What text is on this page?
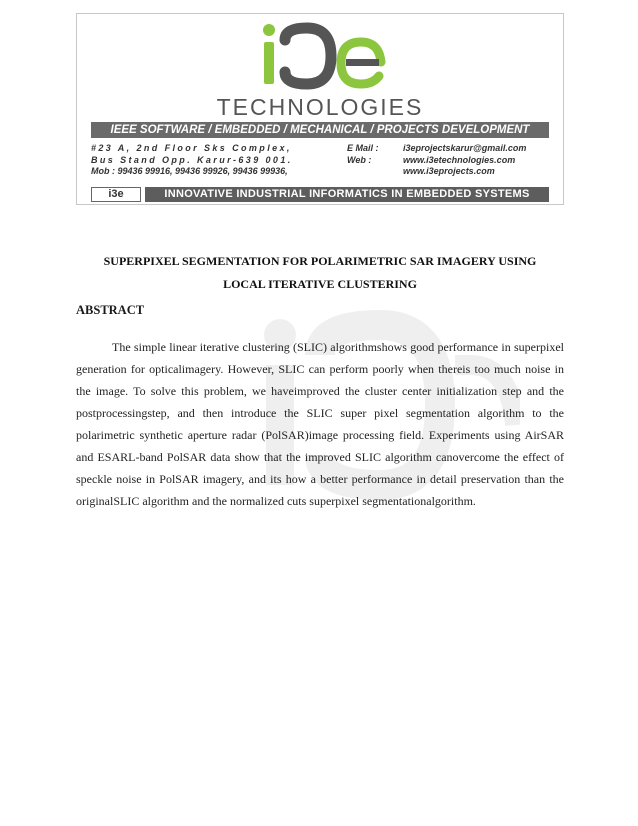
TECHNOLOGIES
IEEE SOFTWARE / EMBEDDED / MECHANICAL / PROJECTS DEVELOPMENT
#23 A, 2nd Floor Sks Complex,
Bus Stand Opp. Karur-639 001.
Mob : 99436 99916, 99436 99926, 99436 99936,
E Mail :	i3eprojectskarur@gmail.com
Web :	www.i3etechnologies.com
www.i3eprojects.com
i3e	INNOVATIVE INDUSTRIAL INFORMATICS IN EMBEDDED SYSTEMS
SUPERPIXEL SEGMENTATION FOR POLARIMETRIC SAR IMAGERY USING
LOCAL ITERATIVE CLUSTERING
ABSTRACT
The simple linear iterative clustering (SLIC) algorithmshows good performance in superpixel generation for opticalimagery. However, SLIC can perform poorly when thereis too much noise in the image. To solve this problem, we haveimproved the cluster center initialization step and the postprocessingstep, and then introduce the SLIC super pixel segmentation algorithm to the polarimetric synthetic aperture radar (PolSAR)image processing field. Experiments using AirSAR and ESARL-band PolSAR data show that the improved SLIC algorithm canovercome the effect of speckle noise in PolSAR imagery, and its how a better performance in detail preservation than the originalSLIC algorithm and the normalized cuts superpixel segmentationalgorithm.
